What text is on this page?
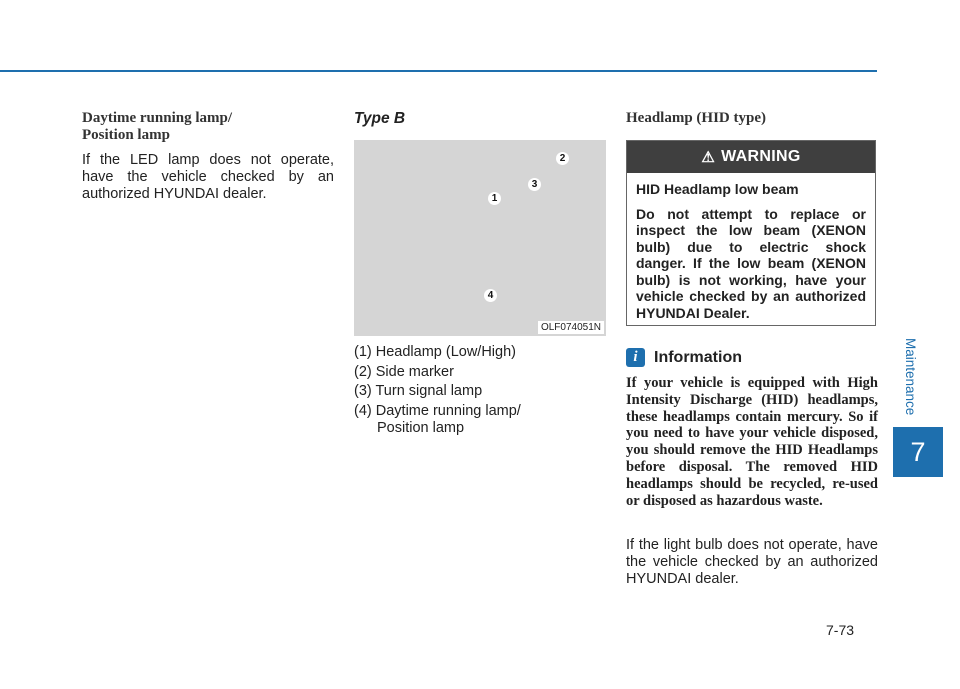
Daytime running lamp/
Position lamp

If the LED lamp does not operate, have the vehicle checked by an authorized HYUNDAI dealer.

Type B

2
3
1
4
OLF074051N
(1) Headlamp (Low/High)
(2) Side marker
(3) Turn signal lamp
(4) Daytime running lamp/
Position lamp

Headlamp (HID type)

⚠ WARNING

HID Headlamp low beam

Do not attempt to replace or inspect the low beam (XENON bulb) due to electric shock danger. If the low beam (XENON bulb) is not working, have your vehicle checked by an authorized HYUNDAI Dealer.

i	Information

If your vehicle is equipped with High Intensity Discharge (HID) headlamps, these headlamps contain mercury. So if you need to have your vehicle disposed, you should remove the HID Headlamps before disposal. The removed HID headlamps should be recycled, re-used or disposed as hazardous waste.

If the light bulb does not operate, have the vehicle checked by an authorized HYUNDAI dealer.

Maintenance
7
7-73
